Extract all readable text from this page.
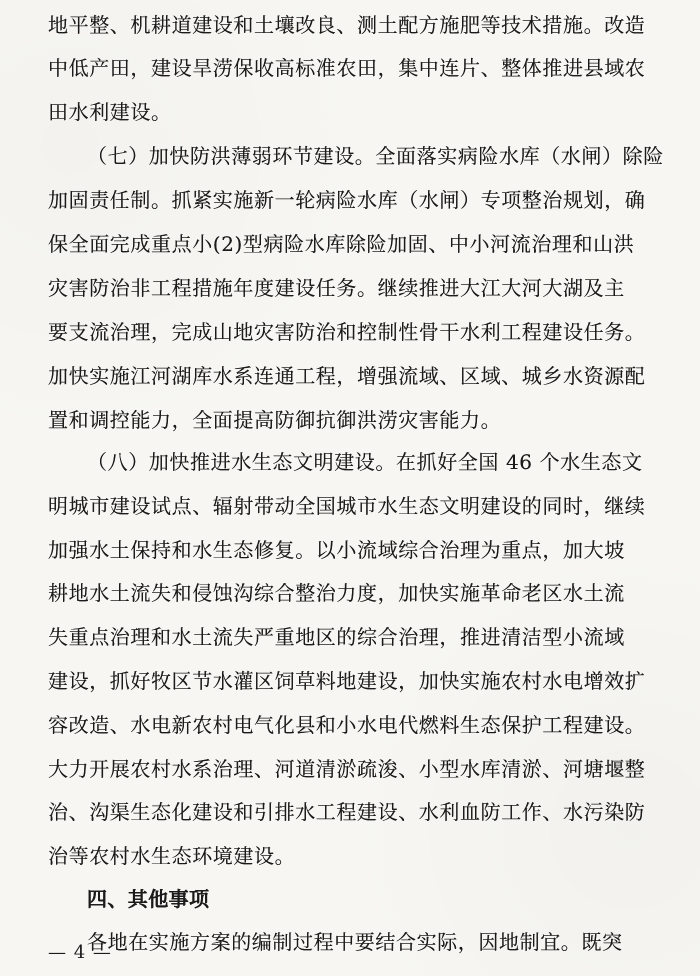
地平整、机耕道建设和土壤改良、测土配方施肥等技术措施。改造
中低产田，建设旱涝保收高标准农田，集中连片、整体推进县域农
田水利建设。
（七）加快防洪薄弱环节建设。全面落实病险水库（水闸）除险
加固责任制。抓紧实施新一轮病险水库（水闸）专项整治规划，确
保全面完成重点小(2)型病险水库除险加固、中小河流治理和山洪
灾害防治非工程措施年度建设任务。继续推进大江大河大湖及主
要支流治理，完成山地灾害防治和控制性骨干水利工程建设任务。
加快实施江河湖库水系连通工程，增强流域、区域、城乡水资源配
置和调控能力，全面提高防御抗御洪涝灾害能力。
（八）加快推进水生态文明建设。在抓好全国 46 个水生态文
明城市建设试点、辐射带动全国城市水生态文明建设的同时，继续
加强水土保持和水生态修复。以小流域综合治理为重点，加大坡
耕地水土流失和侵蚀沟综合整治力度，加快实施革命老区水土流
失重点治理和水土流失严重地区的综合治理，推进清洁型小流域
建设，抓好牧区节水灌区饲草料地建设，加快实施农村水电增效扩
容改造、水电新农村电气化县和小水电代燃料生态保护工程建设。
大力开展农村水系治理、河道清淤疏浚、小型水库清淤、河塘堰整
治、沟渠生态化建设和引排水工程建设、水利血防工作、水污染防
治等农村水生态环境建设。
四、其他事项
各地在实施方案的编制过程中要结合实际，因地制宜。既突
— 4 —
